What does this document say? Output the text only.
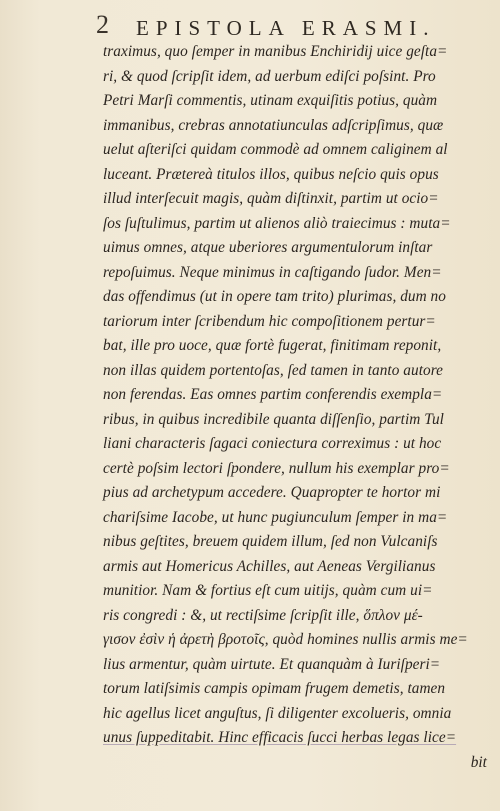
2 EPISTOLA ERASMI.
traximus, quo ſemper in manibus Enchiridij uice geſta=
ri, & quod ſcripſit idem, ad uerbum ediſci poſsint. Pro
Petri Marſi commentis, utinam exquiſitis potius, quàm
immanibus, crebras annotatiunculas adſcripſimus, quæ
uelut aſteriſci quidam commodè ad omnem caliginem al
luceant. Prætereà titulos illos, quibus neſcio quis opus
illud interſecuit magis, quàm diſtinxit, partim ut ocio=
ſos ſuſtulimus, partim ut alienos aliò traiecimus : muta=
uimus omnes, atque uberiores argumentulorum inſtar
repoſuimus. Neque minimus in caſtigando ſudor. Men=
das offendimus (ut in opere tam trito) plurimas, dum no
tariorum inter ſcribendum hic compoſitionem pertur=
bat, ille pro uoce, quæ fortè fugerat, finitimam reponit,
non illas quidem portentoſas, ſed tamen in tanto autore
non ferendas. Eas omnes partim conferendis exempla=
ribus, in quibus incredibile quanta diſſenſio, partim Tul
liani characteris ſagaci coniectura correximus : ut hoc
certè poſsim lectori ſpondere, nullum his exemplar pro=
pius ad archetypum accedere. Quapropter te hortor mi
chariſsime Iacobe, ut hunc pugiunculum ſemper in ma=
nibus geſtites, breuem quidem illum, ſed non Vulcaniſs
armis aut Homericus Achilles, aut Aeneas Vergilianus
munitior. Nam & fortius eſt cum uitijs, quàm cum ui=
ris congredi : &, ut rectiſsime ſcripſit ille, ὅπλον μέ-
γισον ἐσὶν ἡ ἀρετὴ βροτοῖς, quòd homines nullis armis me=
lius armentur, quàm uirtute. Et quanquàm à Iuriſperi=
torum latiſsimis campis opimam frugem demetis, tamen
hic agellus licet anguſtus, ſi diligenter excolueris, omnia
unus ſuppeditabit. Hinc efficacis ſucci herbas legas lice=
bit
